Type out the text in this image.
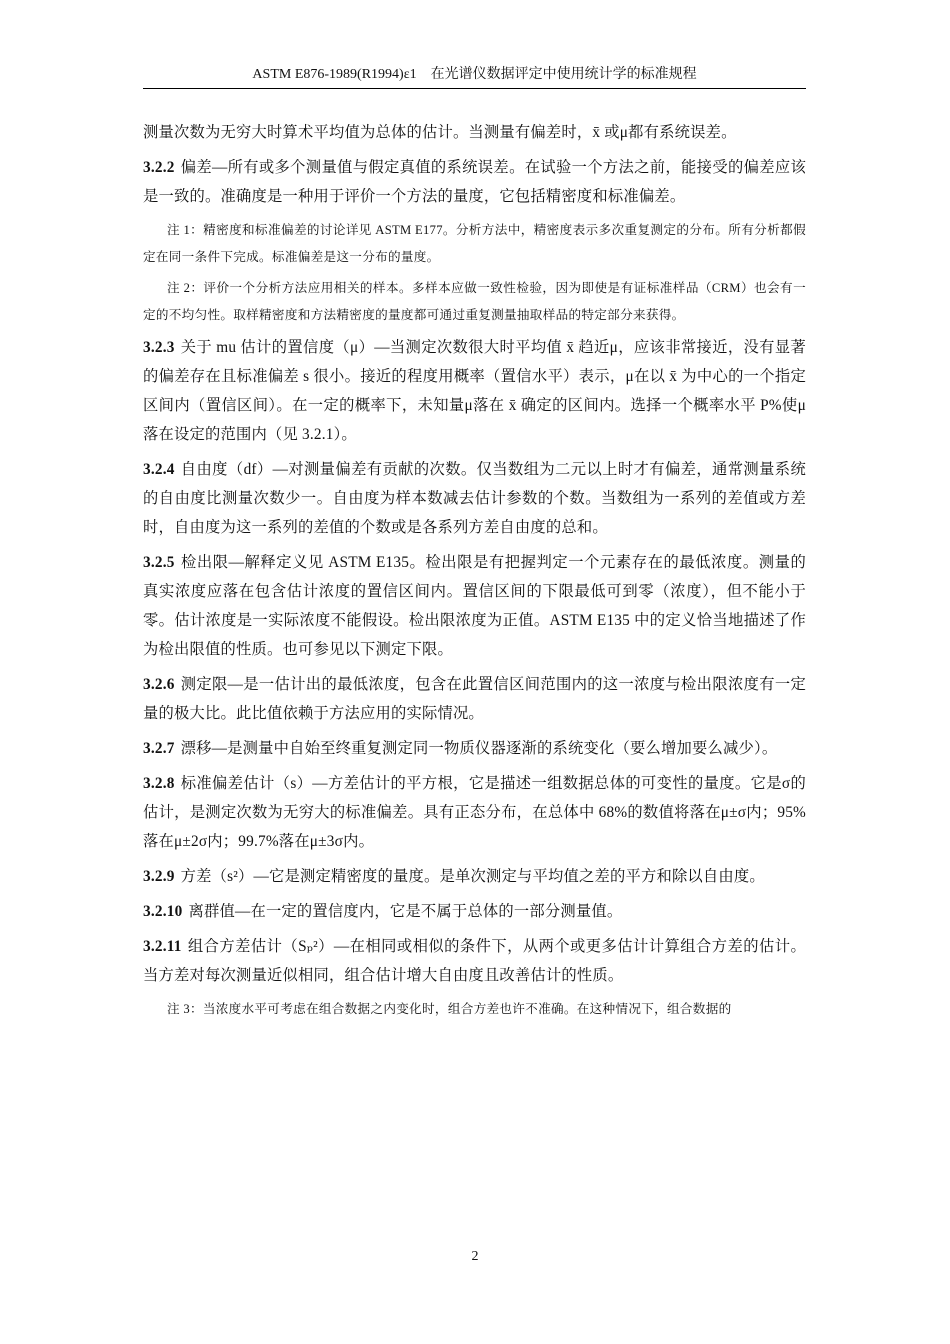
ASTM E876-1989(R1994)ε1　在光谱仪数据评定中使用统计学的标准规程

测量次数为无穷大时算术平均值为总体的估计。当测量有偏差时，x̄ 或μ都有系统误差。

3.2.2 偏差—所有或多个测量值与假定真值的系统误差。在试验一个方法之前，能接受的偏差应该是一致的。准确度是一种用于评价一个方法的量度，它包括精密度和标准偏差。

注 1：精密度和标准偏差的讨论详见 ASTM E177。分析方法中，精密度表示多次重复测定的分布。所有分析都假定在同一条件下完成。标准偏差是这一分布的量度。

注 2：评价一个分析方法应用相关的样本。多样本应做一致性检验，因为即使是有证标准样品（CRM）也会有一定的不均匀性。取样精密度和方法精密度的量度都可通过重复测量抽取样品的特定部分来获得。

3.2.3 关于 mu 估计的置信度（μ）—当测定次数很大时平均值 x̄ 趋近μ，应该非常接近，没有显著的偏差存在且标准偏差 s 很小。接近的程度用概率（置信水平）表示，μ在以 x̄ 为中心的一个指定区间内（置信区间）。在一定的概率下，未知量μ落在 x̄ 确定的区间内。选择一个概率水平 P%使μ落在设定的范围内（见 3.2.1）。

3.2.4 自由度（df）—对测量偏差有贡献的次数。仅当数组为二元以上时才有偏差，通常测量系统的自由度比测量次数少一。自由度为样本数减去估计参数的个数。当数组为一系列的差值或方差时，自由度为这一系列的差值的个数或是各系列方差自由度的总和。

3.2.5 检出限—解释定义见 ASTM E135。检出限是有把握判定一个元素存在的最低浓度。测量的真实浓度应落在包含估计浓度的置信区间内。置信区间的下限最低可到零（浓度），但不能小于零。估计浓度是一实际浓度不能假设。检出限浓度为正值。ASTM E135 中的定义恰当地描述了作为检出限值的性质。也可参见以下测定下限。

3.2.6 测定限—是一估计出的最低浓度，包含在此置信区间范围内的这一浓度与检出限浓度有一定量的极大比。此比值依赖于方法应用的实际情况。

3.2.7 漂移—是测量中自始至终重复测定同一物质仪器逐渐的系统变化（要么增加要么减少）。

3.2.8 标准偏差估计（s）—方差估计的平方根，它是描述一组数据总体的可变性的量度。它是σ的估计，是测定次数为无穷大的标准偏差。具有正态分布，在总体中 68%的数值将落在μ±σ内；95%落在μ±2σ内；99.7%落在μ±3σ内。

3.2.9 方差（s²）—它是测定精密度的量度。是单次测定与平均值之差的平方和除以自由度。

3.2.10 离群值—在一定的置信度内，它是不属于总体的一部分测量值。

3.2.11 组合方差估计（Sₚ²）—在相同或相似的条件下，从两个或更多估计计算组合方差的估计。当方差对每次测量近似相同，组合估计增大自由度且改善估计的性质。

注 3：当浓度水平可考虑在组合数据之内变化时，组合方差也许不准确。在这种情况下，组合数据的

2
